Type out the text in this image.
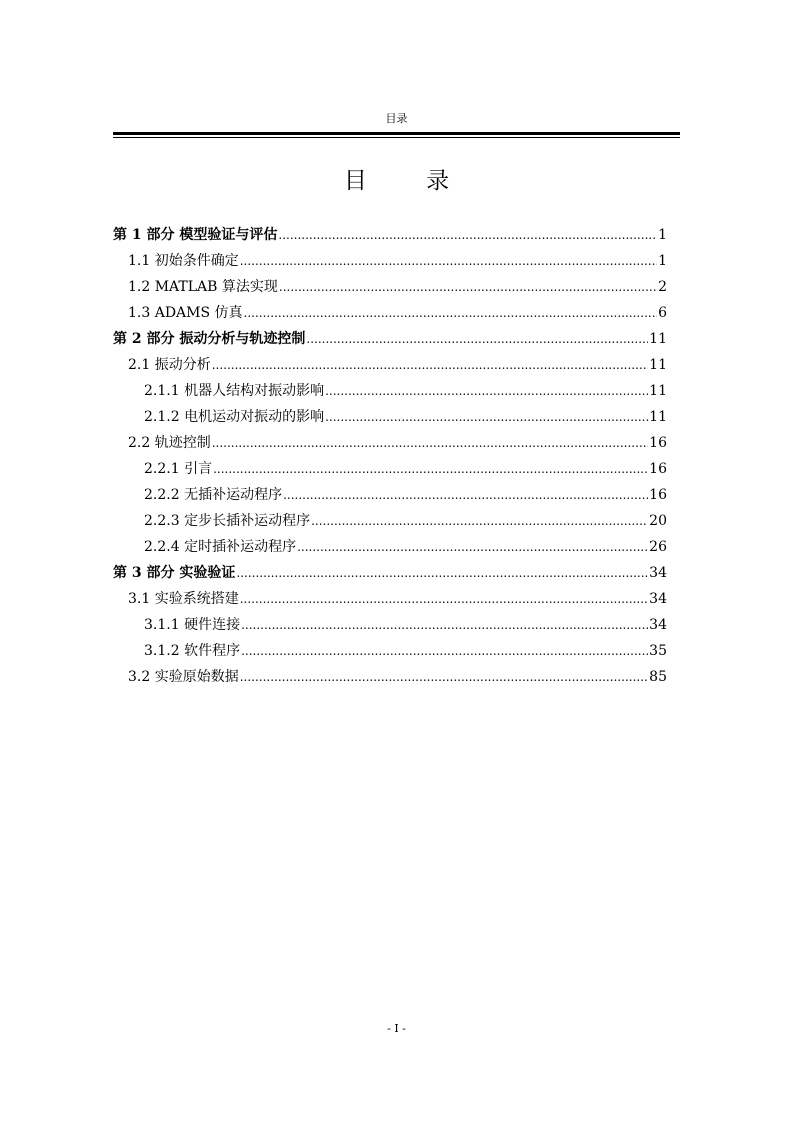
目录
目 录
第 1 部分 模型验证与评估 .....	1
1.1 初始条件确定 .....	1
1.2 MATLAB 算法实现 .....	2
1.3 ADAMS 仿真 .....	6
第 2 部分 振动分析与轨迹控制 .....	11
2.1 振动分析 .....	11
2.1.1 机器人结构对振动影响 .....	11
2.1.2 电机运动对振动的影响 .....	11
2.2 轨迹控制 .....	16
2.2.1 引言 .....	16
2.2.2 无插补运动程序 .....	16
2.2.3 定步长插补运动程序 .....	20
2.2.4 定时插补运动程序 .....	26
第 3 部分 实验验证 .....	34
3.1 实验系统搭建 .....	34
3.1.1 硬件连接 .....	34
3.1.2 软件程序 .....	35
3.2 实验原始数据 .....	85
- I -
